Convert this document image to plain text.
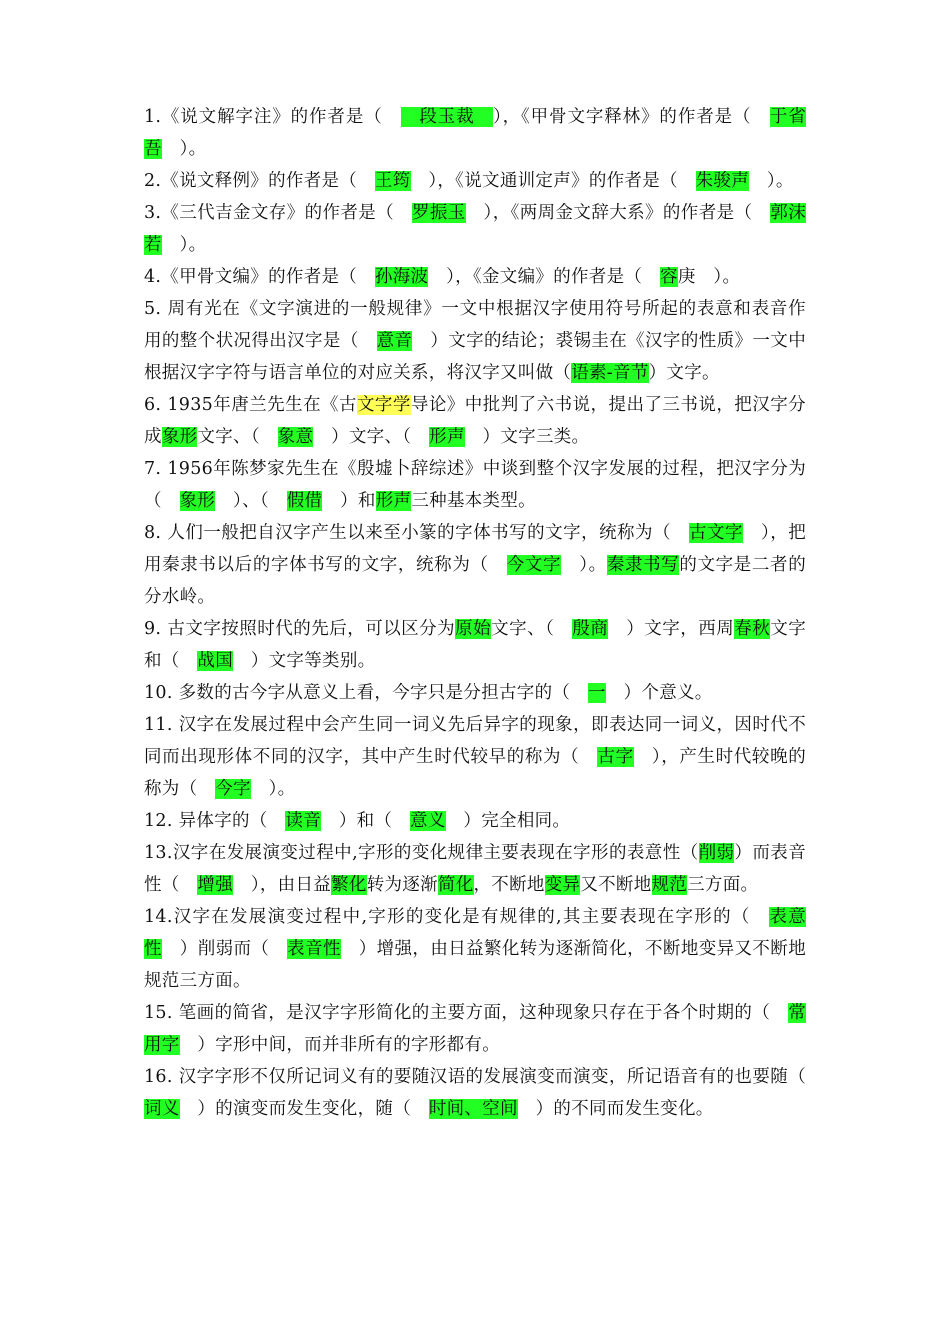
1.《说文解字注》的作者是（　　段玉裁　），《甲骨文字释林》的作者是（　于省吾　）。

2.《说文释例》的作者是（　王筠　），《说文通训定声》的作者是（　朱骏声　）。

3.《三代吉金文存》的作者是（　罗振玉　），《两周金文辞大系》的作者是（　郭沫若　）。

4.《甲骨文编》的作者是（　孙海波　），《金文编》的作者是（　容庚　）。

5. 周有光在《文字演进的一般规律》一文中根据汉字使用符号所起的表意和表音作用的整个状况得出汉字是（　意音　）文字的结论；裘锡圭在《汉字的性质》一文中根据汉字字符与语言单位的对应关系，将汉字又叫做（语素-音节）文字。

6. 1935年唐兰先生在《古文字学导论》中批判了六书说，提出了三书说，把汉字分成象形文字、（　象意　）文字、（　形声　）文字三类。

7. 1956年陈梦家先生在《殷墟卜辞综述》中谈到整个汉字发展的过程，把汉字分为（　象形　）、（　假借　）和形声三种基本类型。

8. 人们一般把自汉字产生以来至小篆的字体书写的文字，统称为（　古文字　），把用秦隶书以后的字体书写的文字，统称为（　今文字　）。秦隶书写的文字是二者的分水岭。

9. 古文字按照时代的先后，可以区分为原始文字、（　殷商　）文字，西周春秋文字和（　战国　）文字等类别。

10. 多数的古今字从意义上看，今字只是分担古字的（　一　）个意义。

11. 汉字在发展过程中会产生同一词义先后异字的现象，即表达同一词义，因时代不同而出现形体不同的汉字，其中产生时代较早的称为（　古字　），产生时代较晚的称为（　今字　）。

12. 异体字的（　读音　）和（　意义　）完全相同。

13.汉字在发展演变过程中,字形的变化规律主要表现在字形的表意性（削弱）而表音性（　增强　），由日益繁化转为逐渐简化，不断地变异又不断地规范三方面。

14.汉字在发展演变过程中,字形的变化是有规律的,其主要表现在字形的（　表意性　）削弱而（　表音性　）增强，由日益繁化转为逐渐简化，不断地变异又不断地规范三方面。

15. 笔画的简省，是汉字字形简化的主要方面，这种现象只存在于各个时期的（　常用字　）字形中间，而并非所有的字形都有。

16. 汉字字形不仅所记词义有的要随汉语的发展演变而演变，所记语音有的也要随（　词义　）的演变而发生变化，随（　时间、空间　）的不同而发生变化。
